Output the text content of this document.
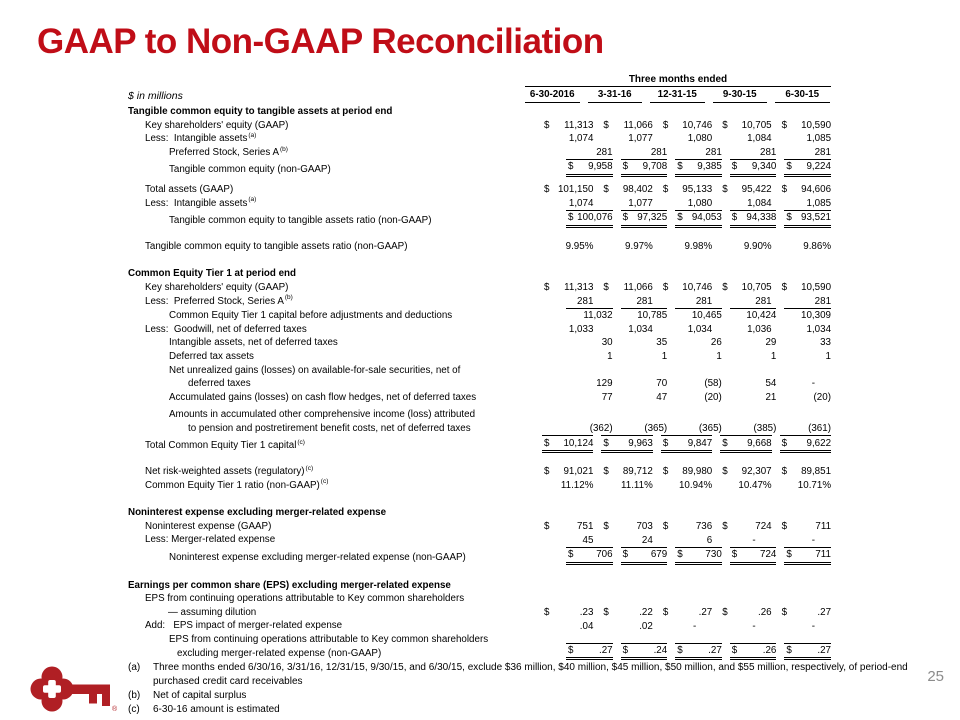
GAAP to Non-GAAP Reconciliation
Three months ended
$ in millions	6-30-2016	3-31-16	12-31-15	9-30-15	6-30-15
Tangible common equity to tangible assets at period end
Key shareholders' equity (GAAP)	$ 11,313 $ 11,066 $ 10,746 $ 10,705 $ 10,590
Less:  Intangible assets$^{(a)}$	1,074	1,077	1,080	1,084	1,085
Preferred Stock, Series $A^{(b)}$	281	281	281	281	281
Tangible common equity (non-GAAP)	$ 9,958 $ 9,708 $ 9,385 $ 9,340 $ 9,224
Total assets (GAAP)	$ 101,150 $ 98,402 $ 95,133 $ 95,422 $ 94,606
Less:  Intangible assets$^{(a)}$	1,074	1,077	1,080	1,084	1,085
Tangible common equity to tangible assets ratio (non-GAAP)	$ 100,076 $ 97,325 $ 94,053 $ 94,338 $ 93,521
Tangible common equity to tangible assets ratio (non-GAAP)	9.95%	9.97%	9.98%	9.90%	9.86%
Common Equity Tier 1 at period end
Key shareholders' equity (GAAP)	$ 11,313 $ 11,066 $ 10,746 $ 10,705 $ 10,590
Less:  Preferred Stock, Series $A^{(b)}$	281	281	281	281	281
Common Equity Tier 1 capital before adjustments and deductions	11,032	10,785	10,465	10,424	10,309
Less:  Goodwill, net of deferred taxes	1,033	1,034	1,034	1,036	1,034
Intangible assets, net of deferred taxes	30	35	26	29	33
Deferred tax assets	1	1	1	1	1
Net unrealized gains (losses) on available-for-sale securities, net of
deferred taxes	129	70	(58)	54	-
Accumulated gains (losses) on cash flow hedges, net of deferred taxes	77	47	(20)	21	(20)
Amounts in accumulated other comprehensive income (loss) attributed
to pension and postretirement benefit costs, net of deferred taxes	(362)	(365)	(365)	(385)	(361)
Total Common Equity Tier 1 capital$^{(c)}$	$ 10,124 $ 9,963 $ 9,847 $ 9,668 $ 9,622
Net risk-weighted assets (regulatory)$^{(c)}$	$ 91,021 $ 89,712 $ 89,980 $ 92,307 $ 89,851
Common Equity Tier 1 ratio (non-GAAP)$^{(c)}$	11.12%	11.11%	10.94%	10.47%	10.71%
Noninterest expense excluding merger-related expense
Noninterest expense (GAAP)	$	751 $	703 $	736 $	724 $	711
Less: Merger-related expense	45	24	6	-	-
Noninterest expense excluding merger-related expense (non-GAAP)	$ 706 $ 679 $ 730 $ 724 $ 711
Earnings per common share (EPS) excluding merger-related expense
EPS from continuing operations attributable to Key common shareholders
— assuming dilution	$	.23 $	.22 $	.27 $	.26 $	.27
Add:   EPS impact of merger-related expense	.04	.02	-	-	-
EPS from continuing operations attributable to Key common shareholders
excluding merger-related expense (non-GAAP)	$	.27 $	.24 $	.27 $	.26 $	.27
(a)	Three months ended 6/30/16, 3/31/16, 12/31/15, 9/30/15, and 6/30/15, exclude $36 million, $40 million, $45 million, $50 million, and $55 million, respectively, of period-end purchased credit card receivables
(b)	Net of capital surplus
(c)	6-30-16 amount is estimated
®
25
